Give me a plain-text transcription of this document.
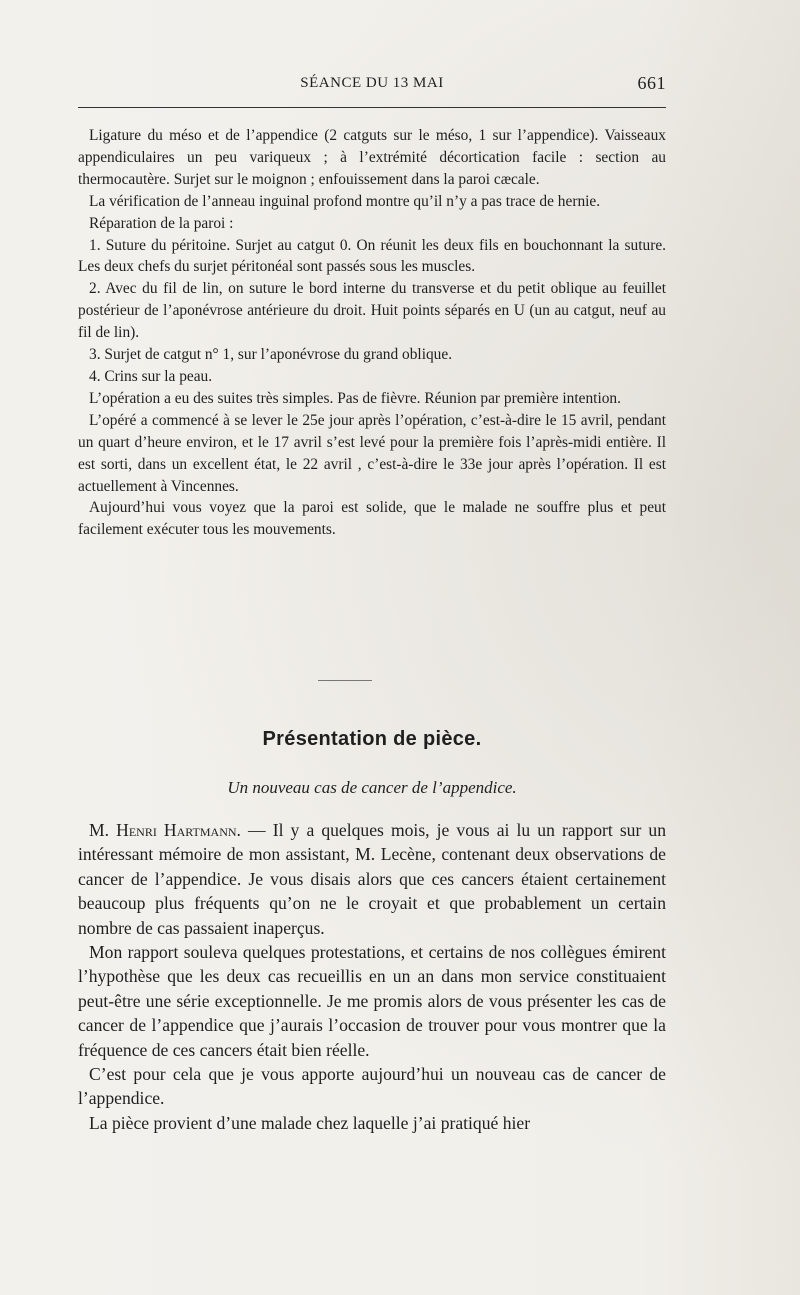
SÉANCE DU 13 MAI	661

Ligature du méso et de l’appendice (2 catguts sur le méso, 1 sur l’appendice). Vaisseaux appendiculaires un peu variqueux ; à l’extrémité décortication facile : section au thermocautère. Surjet sur le moignon ; enfouissement dans la paroi cæcale.

La vérification de l’anneau inguinal profond montre qu’il n’y a pas trace de hernie.

Réparation de la paroi :

1. Suture du péritoine. Surjet au catgut 0. On réunit les deux fils en bouchonnant la suture. Les deux chefs du surjet péritonéal sont passés sous les muscles.

2. Avec du fil de lin, on suture le bord interne du transverse et du petit oblique au feuillet postérieur de l’aponévrose antérieure du droit. Huit points séparés en U (un au catgut, neuf au fil de lin).

3. Surjet de catgut n° 1, sur l’aponévrose du grand oblique.

4. Crins sur la peau.

L’opération a eu des suites très simples. Pas de fièvre. Réunion par première intention.

L’opéré a commencé à se lever le 25e jour après l’opération, c’est-à-dire le 15 avril, pendant un quart d’heure environ, et le 17 avril s’est levé pour la première fois l’après-midi entière. Il est sorti, dans un excellent état, le 22 avril , c’est-à-dire le 33e jour après l’opération. Il est actuellement à Vincennes.

Aujourd’hui vous voyez que la paroi est solide, que le malade ne souffre plus et peut facilement exécuter tous les mouvements.

Présentation de pièce.

Un nouveau cas de cancer de l’appendice.

M. Henri Hartmann. — Il y a quelques mois, je vous ai lu un rapport sur un intéressant mémoire de mon assistant, M. Lecène, contenant deux observations de cancer de l’appendice. Je vous disais alors que ces cancers étaient certainement beaucoup plus fréquents qu’on ne le croyait et que probablement un certain nombre de cas passaient inaperçus.

Mon rapport souleva quelques protestations, et certains de nos collègues émirent l’hypothèse que les deux cas recueillis en un an dans mon service constituaient peut-être une série exceptionnelle. Je me promis alors de vous présenter les cas de cancer de l’appendice que j’aurais l’occasion de trouver pour vous montrer que la fréquence de ces cancers était bien réelle.

C’est pour cela que je vous apporte aujourd’hui un nouveau cas de cancer de l’appendice.

La pièce provient d’une malade chez laquelle j’ai pratiqué hier
